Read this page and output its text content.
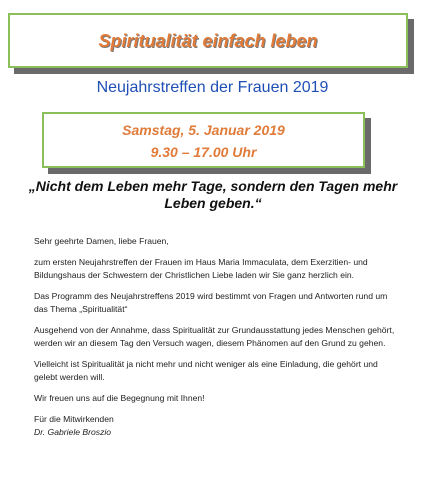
Spiritualität einfach leben
Neujahrstreffen der Frauen 2019
Samstag, 5. Januar 2019
9.30 – 17.00 Uhr
„Nicht dem Leben mehr Tage, sondern den Tagen mehr Leben geben.“

Sehr geehrte Damen, liebe Frauen,

zum ersten Neujahrstreffen der Frauen im Haus Maria Immaculata, dem Exerzitien- und Bildungshaus der Schwestern der Christlichen Liebe laden wir Sie ganz herzlich ein.

Das Programm des Neujahrstreffens 2019 wird bestimmt von Fragen und Antworten rund um das Thema „Spiritualität“

Ausgehend von der Annahme, dass Spiritualität zur Grundausstattung jedes Menschen gehört, werden wir an diesem Tag den Versuch wagen, diesem Phänomen auf den Grund zu gehen.

Vielleicht ist Spiritualität ja nicht mehr und nicht weniger als eine Einladung, die gehört und gelebt werden will.

Wir freuen uns auf die Begegnung mit Ihnen!

Für die Mitwirkenden
Dr. Gabriele Broszio
